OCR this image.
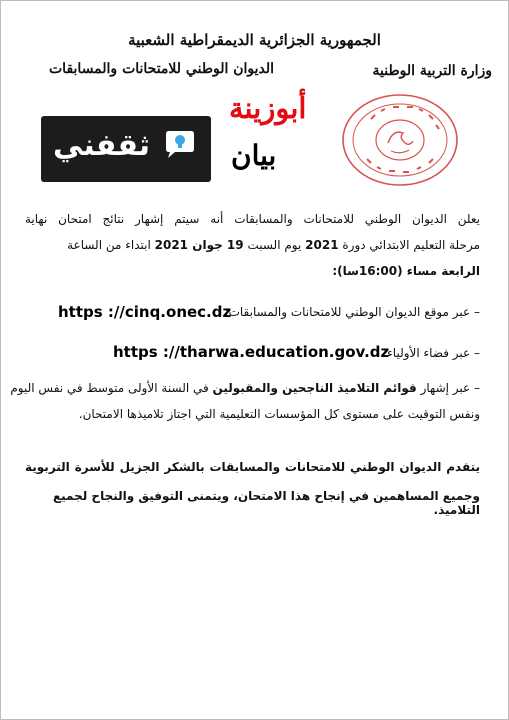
الجمهورية الجزائرية الديمقراطية الشعبية
وزارة التربية الوطنية
الديوان الوطني للامتحانات والمسابقات
أبوزينة
ثقفني	بيان
يعلن الديوان الوطني للامتحانات والمسابقات أنه سيتم إشهار نتائج امتحان نهاية
مرحلة التعليم الابتدائي دورة 2021 يوم السبت 19 جوان 2021 ابتداء من الساعة
الرابعة مساء (16:00سا):
– عبر موقع الديوان الوطني للامتحانات والمسابقات:
https ://cinq.onec.dz
– عبر فضاء الأولياء:
https ://tharwa.education.gov.dz
– عبر إشهار قوائم التلاميذ الناجحين والمقبولين في السنة الأولى متوسط في نفس اليوم
ونفس التوقيت على مستوى كل المؤسسات التعليمية التي اجتاز تلاميذها الامتحان.
يتقدم الديوان الوطني للامتحانات والمسابقات بالشكر الجزيل للأسرة التربوية
وجميع المساهمين في إنجاح هذا الامتحان، ويتمنى التوفيق والنجاح لجميع التلاميذ.
